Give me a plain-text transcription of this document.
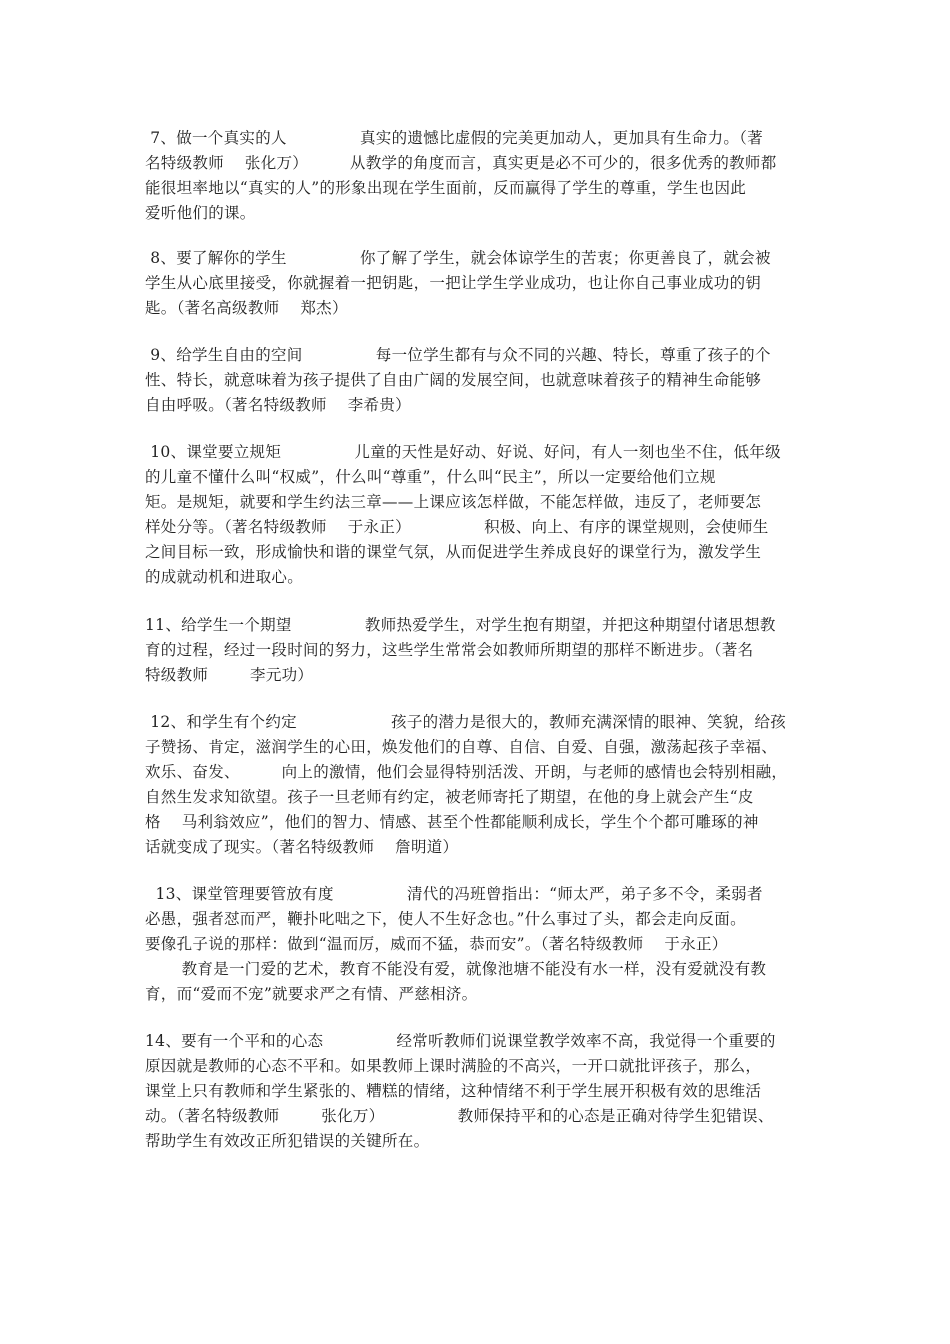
7、做一个真实的人              真实的遗憾比虚假的完美更加动人，更加具有生命力。（著
名特级教师    张化万）        从教学的角度而言，真实更是必不可少的，很多优秀的教师都
能很坦率地以“真实的人”的形象出现在学生面前，反而赢得了学生的尊重，学生也因此
爱听他们的课。
8、要了解你的学生              你了解了学生，就会体谅学生的苦衷；你更善良了，就会被
学生从心底里接受，你就握着一把钥匙，一把让学生学业成功，也让你自己事业成功的钥
匙。（著名高级教师    郑杰）
9、给学生自由的空间              每一位学生都有与众不同的兴趣、特长，尊重了孩子的个
性、特长，就意味着为孩子提供了自由广阔的发展空间，也就意味着孩子的精神生命能够
自由呼吸。（著名特级教师    李希贵）
10、课堂要立规矩              儿童的天性是好动、好说、好问，有人一刻也坐不住，低年级
的儿童不懂什么叫“权威”，什么叫“尊重”，什么叫“民主”，所以一定要给他们立规
矩。是规矩，就要和学生约法三章——上课应该怎样做，不能怎样做，违反了，老师要怎
样处分等。（著名特级教师    于永正）              积极、向上、有序的课堂规则，会使师生
之间目标一致，形成愉快和谐的课堂气氛，从而促进学生养成良好的课堂行为，激发学生
的成就动机和进取心。
11、给学生一个期望              教师热爱学生，对学生抱有期望，并把这种期望付诸思想教
育的过程，经过一段时间的努力，这些学生常常会如教师所期望的那样不断进步。（著名
特级教师        李元功）
12、和学生有个约定                  孩子的潜力是很大的，教师充满深情的眼神、笑貌，给孩
子赞扬、肯定，滋润学生的心田，焕发他们的自尊、自信、自爱、自强，激荡起孩子幸福、
欢乐、奋发、        向上的激情，他们会显得特别活泼、开朗，与老师的感情也会特别相融，
自然生发求知欲望。孩子一旦老师有约定，被老师寄托了期望，在他的身上就会产生“皮
格    马利翁效应”，他们的智力、情感、甚至个性都能顺利成长，学生个个都可雕琢的神
话就变成了现实。（著名特级教师    詹明道）
13、课堂管理要管放有度              清代的冯班曾指出：“师太严，弟子多不令，柔弱者
必愚，强者怼而严，鞭扑叱咄之下，使人不生好念也。”什么事过了头，都会走向反面。
要像孔子说的那样：做到“温而厉，威而不猛，恭而安”。（著名特级教师    于永正）
教育是一门爱的艺术，教育不能没有爱，就像池塘不能没有水一样，没有爱就没有教
育，而“爱而不宠”就要求严之有情、严慈相济。
14、要有一个平和的心态              经常听教师们说课堂教学效率不高，我觉得一个重要的
原因就是教师的心态不平和。如果教师上课时满脸的不高兴，一开口就批评孩子，那么，
课堂上只有教师和学生紧张的、糟糕的情绪，这种情绪不利于学生展开积极有效的思维活
动。（著名特级教师        张化万）              教师保持平和的心态是正确对待学生犯错误、
帮助学生有效改正所犯错误的关键所在。
